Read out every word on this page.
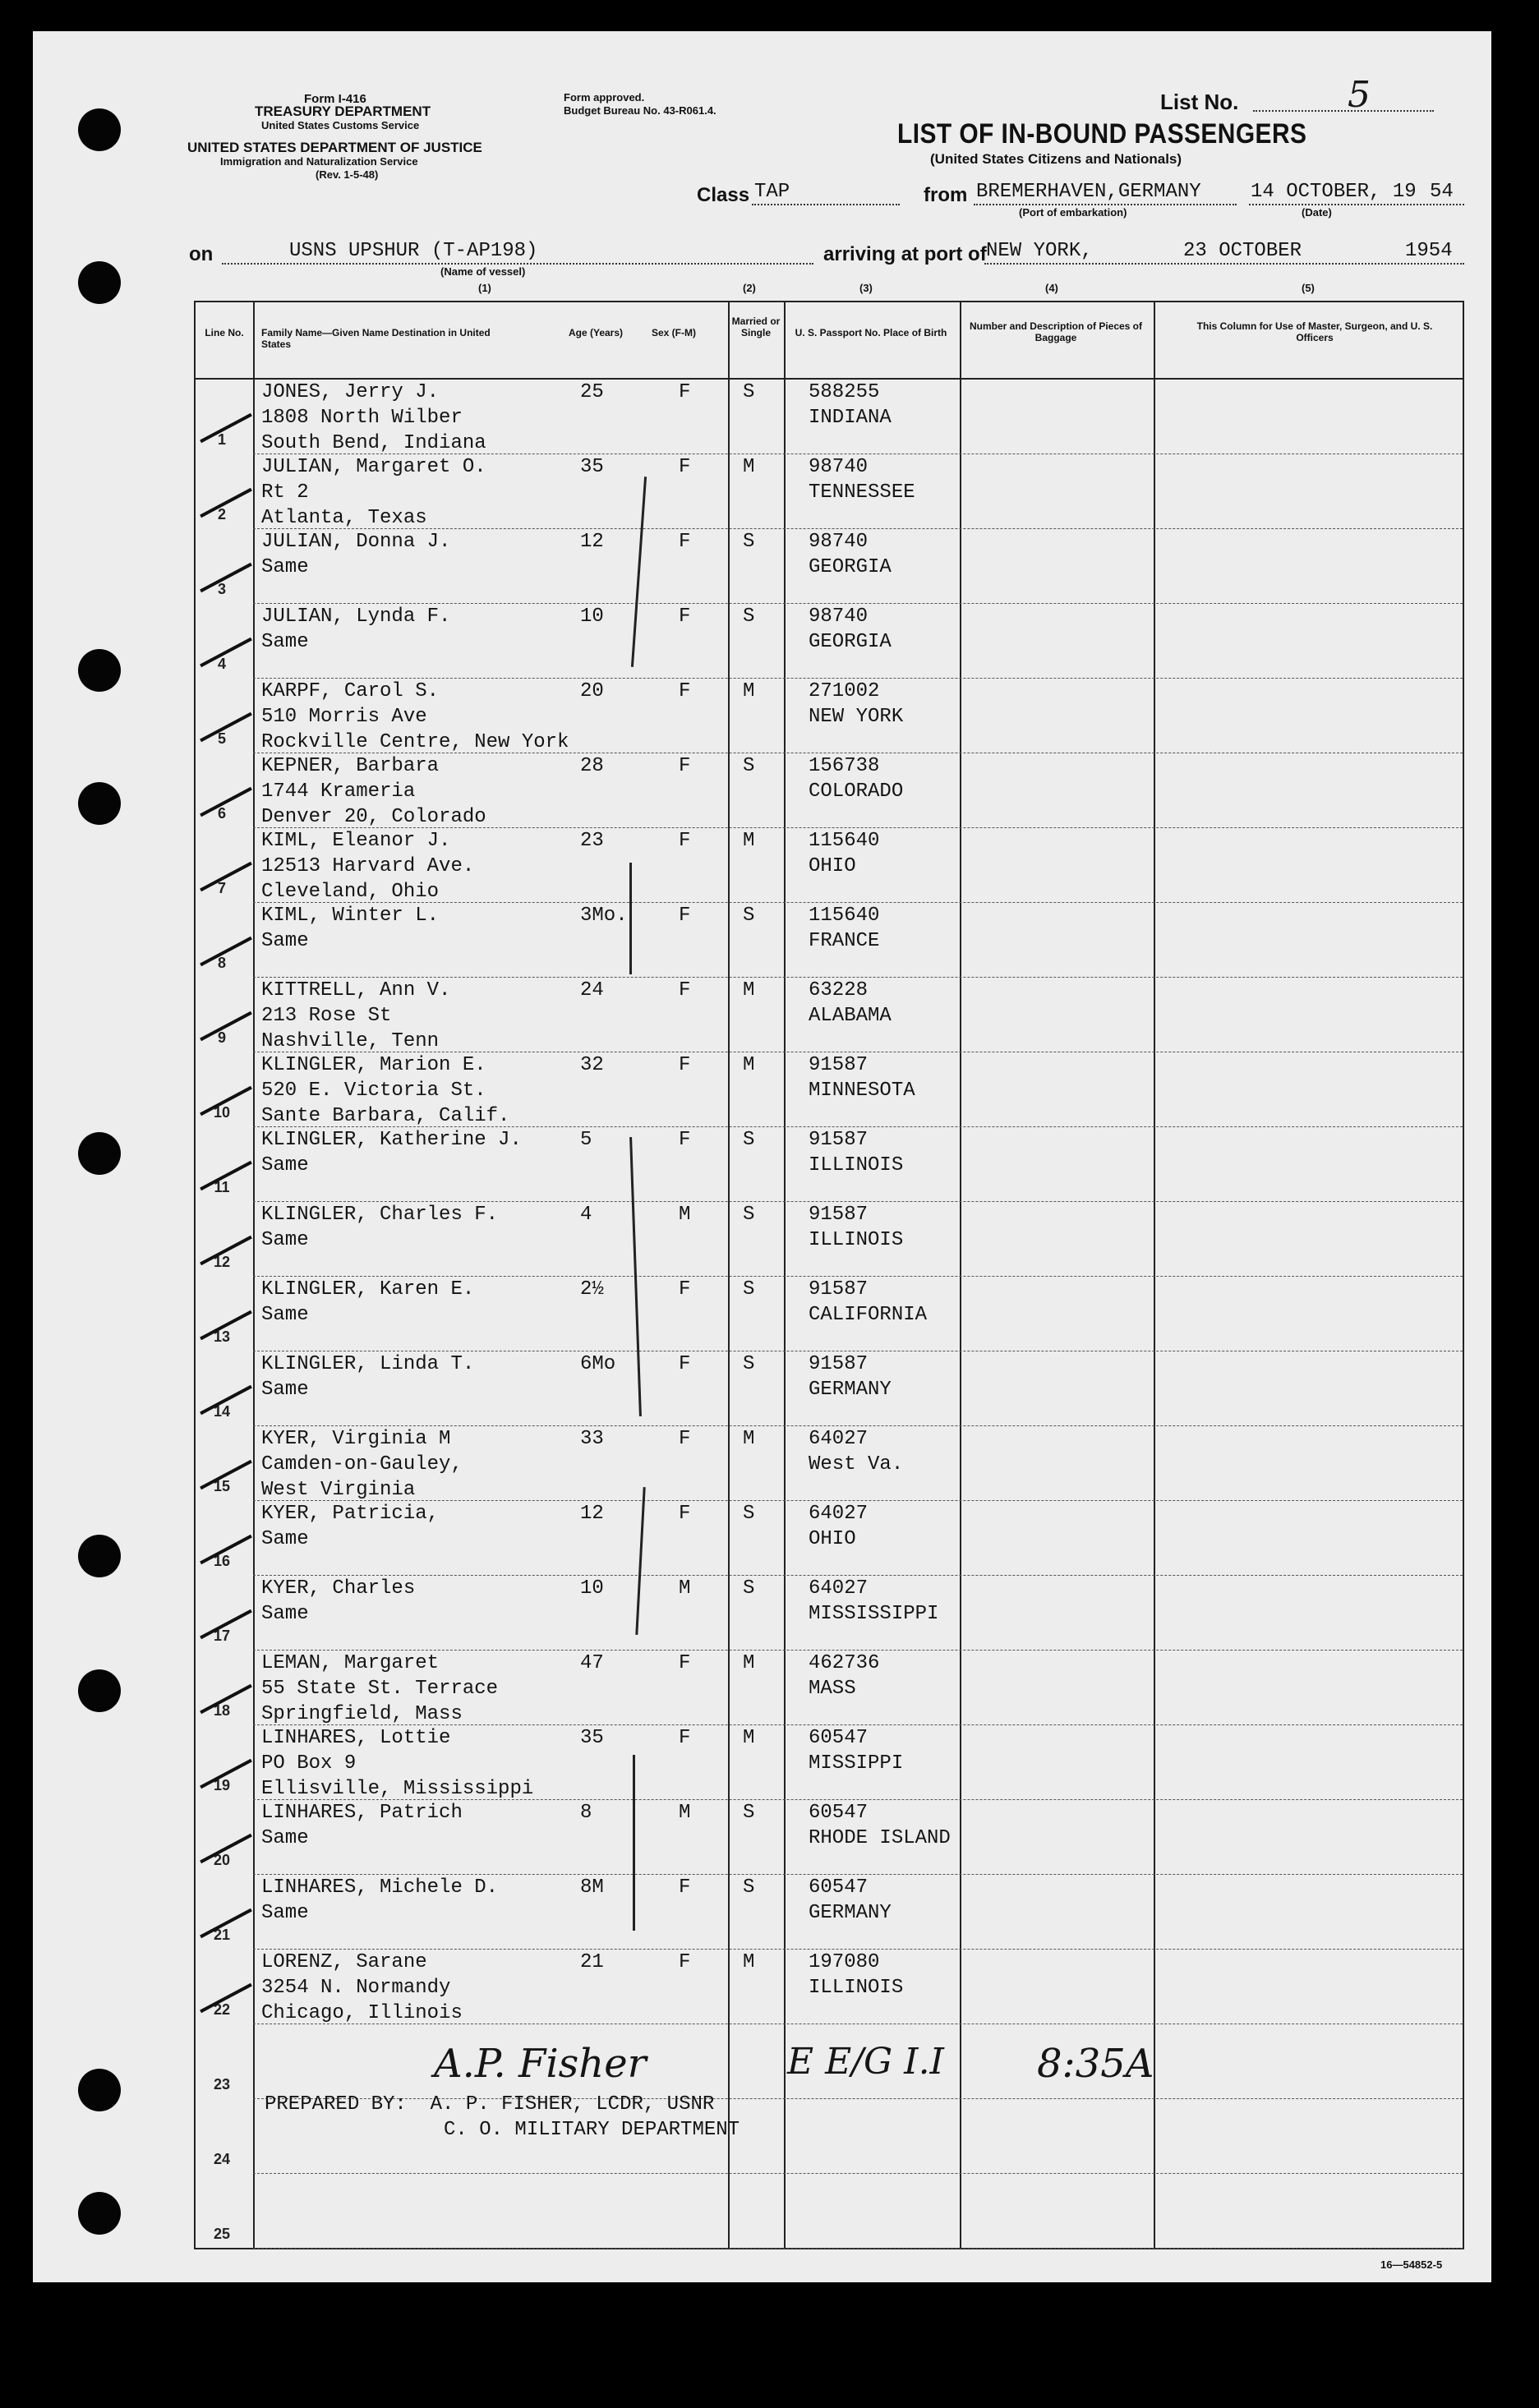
Form I-416
TREASURY DEPARTMENT
United States Customs Service
UNITED STATES DEPARTMENT OF JUSTICE
Immigration and Naturalization Service
(Rev. 1-5-48)
Form approved.
Budget Bureau No. 43-R061.4.	List No.	5
LIST OF IN-BOUND PASSENGERS
(United States Citizens and Nationals)
Class TAP	from BREMERHAVEN,GERMANY
(Port of embarkation)
14 OCTOBER, 19 54
(Date)
on	USNS UPSHUR (T-AP198)
(Name of vessel)
arriving at port of NEW YORK,	23 OCTOBER	1954
(1)	(2)	(3)	(4)	(5)
Line No.	Family Name—Given Name Destination in United States
Age (Years)	Sex (F-M)
Married or Single	U. S. Passport No. Place of Birth
Number and Description of Pieces of Baggage
This Column for Use of Master, Surgeon, and U. S. Officers
1
JONES, Jerry J.
1808 North Wilber
South Bend, Indiana
25	F	S	588255
INDIANA
2
JULIAN, Margaret O.
Rt 2
Atlanta, Texas
35	F	M	98740
TENNESSEE
3
JULIAN, Donna J.
Same
12	F	S	98740
GEORGIA
4
JULIAN, Lynda F.
Same
10	F	S	98740
GEORGIA
5
KARPF, Carol S.
510 Morris Ave
Rockville Centre, New York
20	F	M	271002
NEW YORK
6
KEPNER, Barbara
1744 Krameria
Denver 20, Colorado
28	F	S	156738
COLORADO
7
KIML, Eleanor J.
12513 Harvard Ave.
Cleveland, Ohio
23	F	M	115640
OHIO
8
KIML, Winter L.
Same
3Mo.	F	S	115640
FRANCE
9
KITTRELL, Ann V.
213 Rose St
Nashville, Tenn
24	F	M	63228
ALABAMA
10
KLINGLER, Marion E.
520 E. Victoria St.
Sante Barbara, Calif.
32	F	M	91587
MINNESOTA
11
KLINGLER, Katherine J.
Same
5	F	S	91587
ILLINOIS
12
KLINGLER, Charles F.
Same
4	M	S	91587
ILLINOIS
13
KLINGLER, Karen E.
Same
2½	F	S	91587
CALIFORNIA
14
KLINGLER, Linda T.
Same
6Mo	F	S	91587
GERMANY
15
KYER, Virginia M
Camden-on-Gauley,
West Virginia
33	F	M	64027
West Va.
16
KYER, Patricia,
Same
12	F	S	64027
OHIO
17
KYER, Charles
Same
10	M	S	64027
MISSISSIPPI
18
LEMAN, Margaret
55 State St. Terrace
Springfield, Mass
47	F	M	462736
MASS
19
LINHARES, Lottie
PO Box 9
Ellisville, Mississippi
35	F	M	60547
MISSIPPI
20
LINHARES, Patrich
Same
8	M	S	60547
RHODE ISLAND
21
LINHARES, Michele D.
Same
8M	F	S	60547
GERMANY
22
LORENZ, Sarane
3254 N. Normandy
Chicago, Illinois
21	F	M	197080
ILLINOIS
23
24
25
A.P. Fisher	8:35A
E E/G I.I
PREPARED BY:  A. P. FISHER, LCDR, USNR
C. O. MILITARY DEPARTMENT
16—54852-5
